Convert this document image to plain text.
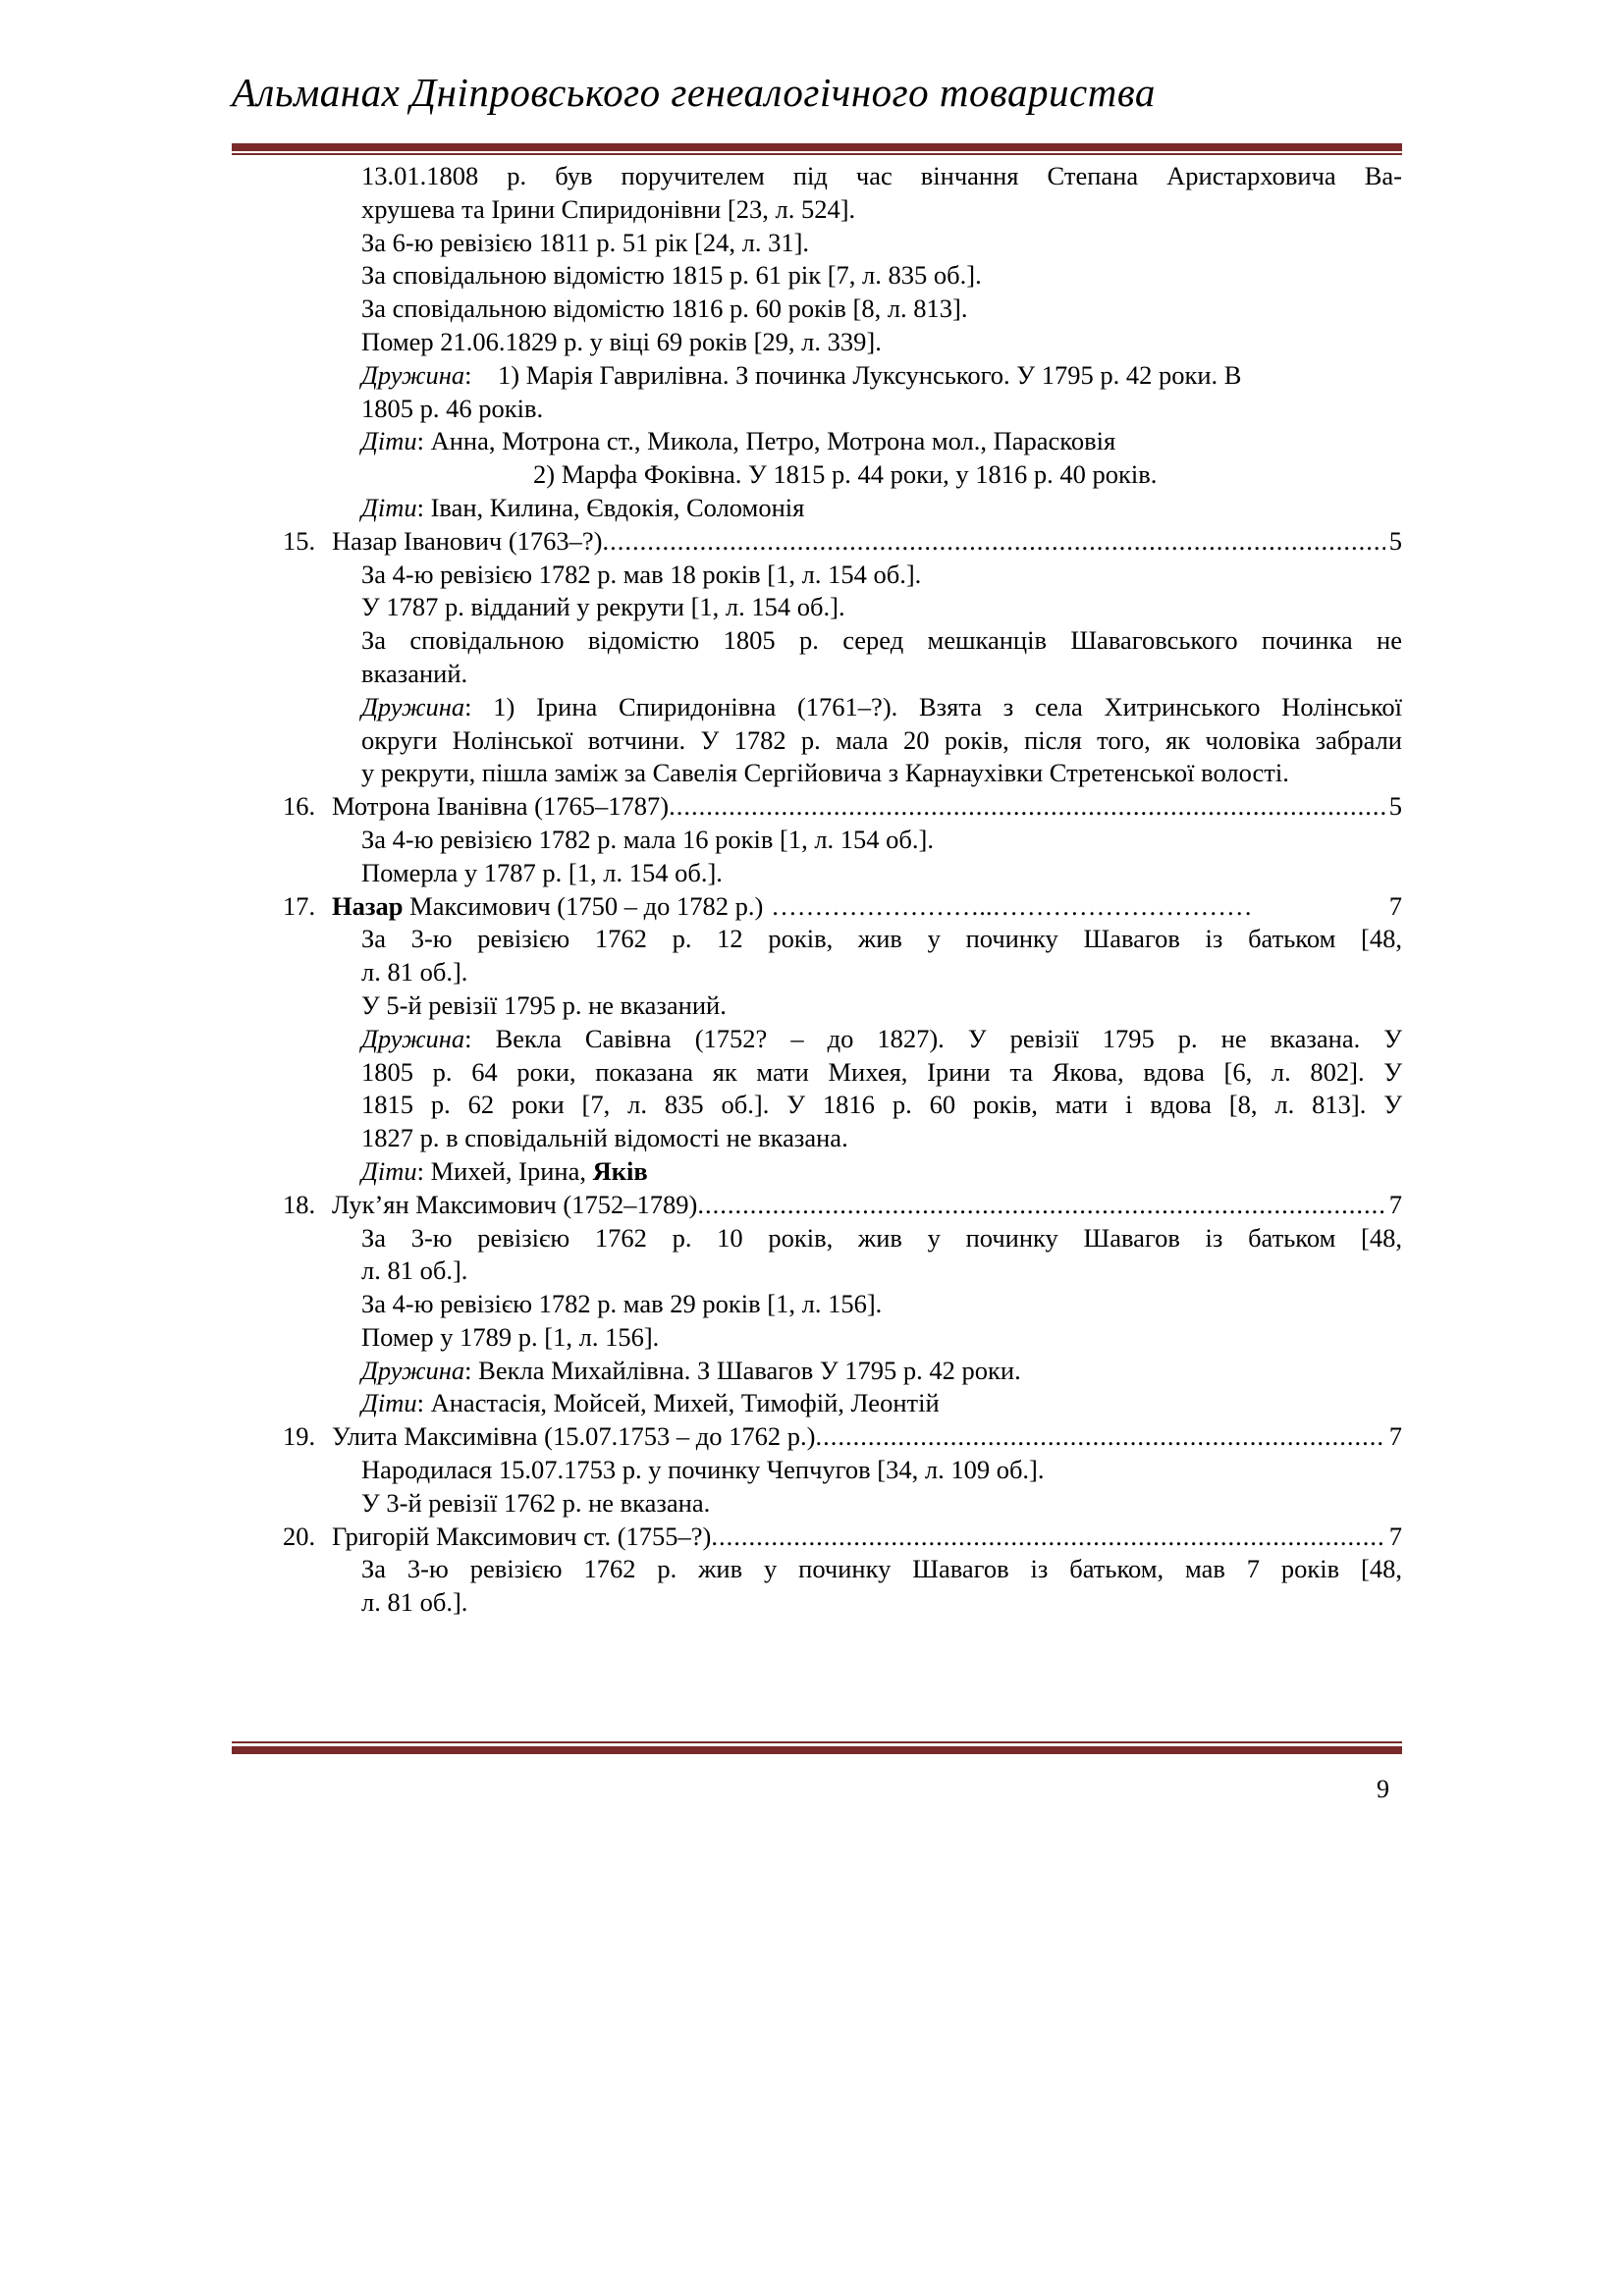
Альманах Дніпровського генеалогічного товариства
13.01.1808 р. був поручителем під час вінчання Степана Аристарховича Ва-
хрушева та Ірини Спиридонівни [23, л. 524].
За 6-ю ревізією 1811 р. 51 рік [24, л. 31].
За сповідальною відомістю 1815 р. 61 рік [7, л. 835 об.].
За сповідальною відомістю 1816 р. 60 років [8, л. 813].
Помер 21.06.1829 р. у віці 69 років [29, л. 339].
Дружина:    1) Марія Гаврилівна. З починка Луксунського. У 1795 р. 42 роки. В
1805 р. 46 років.
Діти: Анна, Мотрона ст., Микола, Петро, Мотрона мол., Парасковія
2) Марфа Фоківна. У 1815 р. 44 роки, у 1816 р. 40 років.
Діти: Іван, Килина, Євдокія, Соломонія
15. Назар Іванович (1763–?) .....	5
За 4-ю ревізією 1782 р. мав 18 років [1, л. 154 об.].
У 1787 р. відданий у рекрути [1, л. 154 об.].
За сповідальною відомістю 1805 р. серед мешканців Шаваговського починка не
вказаний.
Дружина: 1) Ірина Спиридонівна (1761–?). Взята з села Хитринського Нолінської
округи Нолінської вотчини. У 1782 р. мала 20 років, після того, як чоловіка забрали
у рекрути, пішла заміж за Савелія Сергійовича з Карнаухівки Стретенської волості.
16. Мотрона Іванівна (1765–1787) .....	5
За 4-ю ревізією 1782 р. мала 16 років [1, л. 154 об.].
Померла у 1787 р. [1, л. 154 об.].
17. Назар Максимович (1750 – до 1782 р.) ……………………..…………………………	7
За 3-ю ревізією 1762 р. 12 років, жив у починку Шавагов із батьком [48,
л. 81 об.].
У 5-й ревізії 1795 р. не вказаний.
Дружина: Векла Савівна (1752? – до 1827). У ревізії 1795 р. не вказана. У
1805 р. 64 роки, показана як мати Михея, Ірини та Якова, вдова [6, л. 802]. У
1815 р. 62 роки [7, л. 835 об.]. У 1816 р. 60 років, мати і вдова [8, л. 813]. У
1827 р. в сповідальній відомості не вказана.
Діти: Михей, Ірина, Яків
18. Лук’ян Максимович (1752–1789) .....	7
За 3-ю ревізією 1762 р. 10 років, жив у починку Шавагов із батьком [48,
л. 81 об.].
За 4-ю ревізією 1782 р. мав 29 років [1, л. 156].
Помер у 1789 р. [1, л. 156].
Дружина: Векла Михайлівна. З Шавагов У 1795 р. 42 роки.
Діти: Анастасія, Мойсей, Михей, Тимофій, Леонтій
19. Улита Максимівна (15.07.1753 – до 1762 р.) .....	7
Народилася 15.07.1753 р. у починку Чепчугов [34, л. 109 об.].
У 3-й ревізії 1762 р. не вказана.
20. Григорій Максимович ст. (1755–?) .....	7
За 3-ю ревізією 1762 р. жив у починку Шавагов із батьком, мав 7 років [48,
л. 81 об.].
9
